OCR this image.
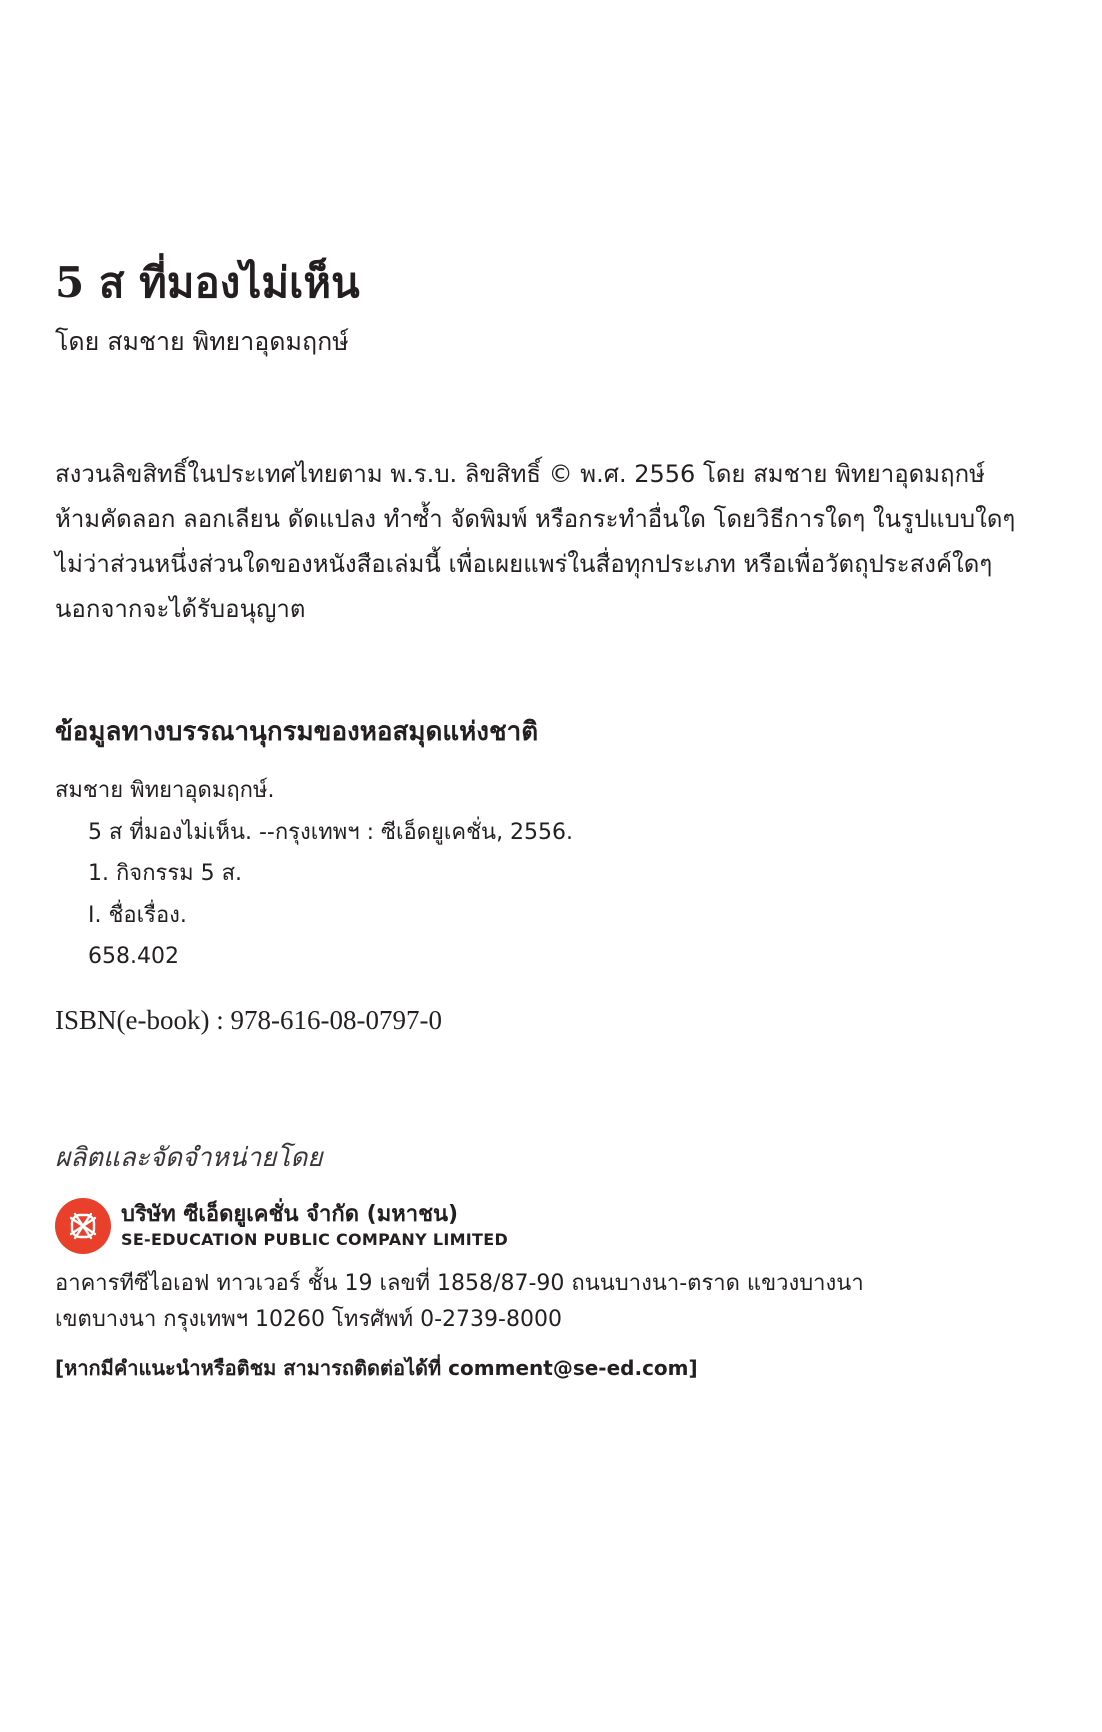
5 ส ที่มองไม่เห็น
โดย สมชาย พิทยาอุดมฤกษ์
สงวนลิขสิทธิ์ในประเทศไทยตาม พ.ร.บ. ลิขสิทธิ์ © พ.ศ. 2556 โดย สมชาย พิทยาอุดมฤกษ์
ห้ามคัดลอก ลอกเลียน ดัดแปลง ทำซ้ำ จัดพิมพ์ หรือกระทำอื่นใด โดยวิธีการใดๆ ในรูปแบบใดๆ
ไม่ว่าส่วนหนึ่งส่วนใดของหนังสือเล่มนี้ เพื่อเผยแพร่ในสื่อทุกประเภท หรือเพื่อวัตถุประสงค์ใดๆ
นอกจากจะได้รับอนุญาต
ข้อมูลทางบรรณานุกรมของหอสมุดแห่งชาติ
สมชาย พิทยาอุดมฤกษ์.
5 ส ที่มองไม่เห็น. --กรุงเทพฯ : ซีเอ็ดยูเคชั่น, 2556.
1. กิจกรรม 5 ส.
I. ชื่อเรื่อง.
658.402
ISBN(e-book) : 978-616-08-0797-0
ผลิตและจัดจำหน่ายโดย
บริษัท ซีเอ็ดยูเคชั่น จำกัด (มหาชน)
SE-EDUCATION PUBLIC COMPANY LIMITED
อาคารทีซีไอเอฟ ทาวเวอร์ ชั้น 19 เลขที่ 1858/87-90 ถนนบางนา-ตราด แขวงบางนา
เขตบางนา กรุงเทพฯ 10260 โทรศัพท์ 0-2739-8000
[หากมีคำแนะนำหรือติชม สามารถติดต่อได้ที่ comment@se-ed.com]
